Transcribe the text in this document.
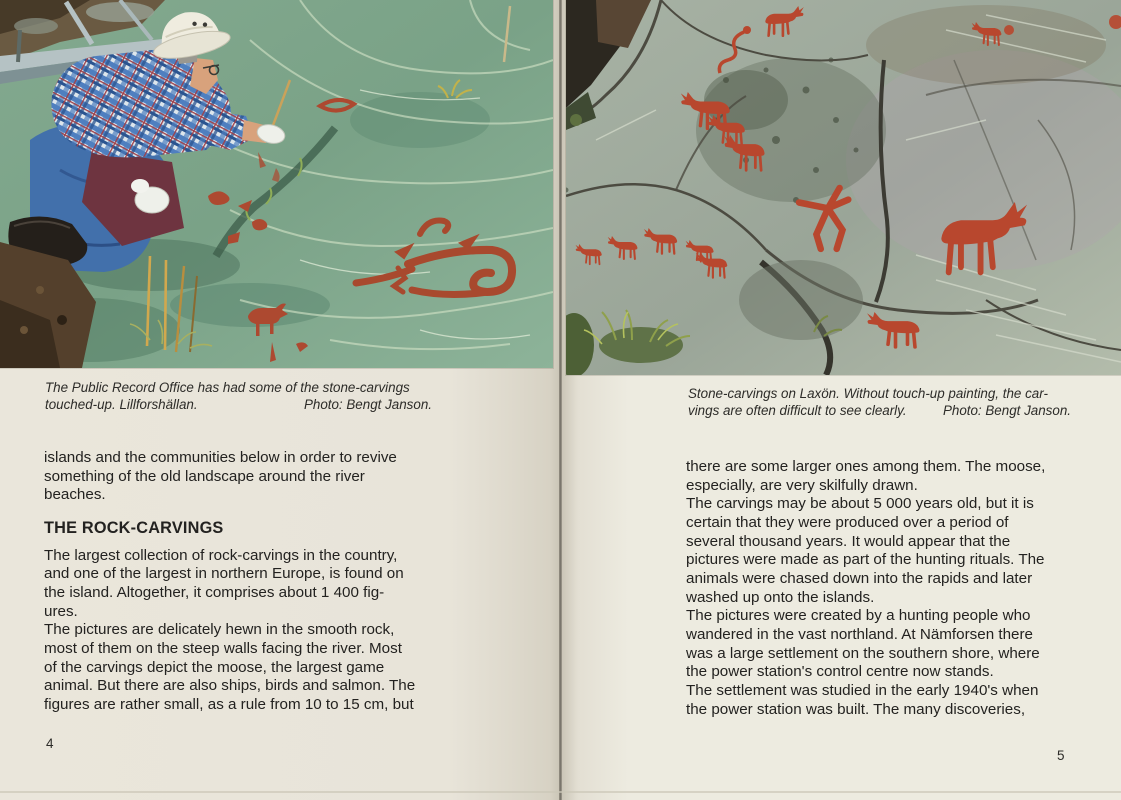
The Public Record Office has had some of the stone-carvings
touched-up. Lillforshällan.	Photo: Bengt Janson.
Stone-carvings on Laxön. Without touch-up painting, the car-
vings are often difficult to see clearly.	Photo: Bengt Janson.
islands and the communities below in order to revive
something of the old landscape around the river
beaches.
THE ROCK-CARVINGS
The largest collection of rock-carvings in the country,
and one of the largest in northern Europe, is found on
the island. Altogether, it comprises about 1 400 fig-
ures.
The pictures are delicately hewn in the smooth rock,
most of them on the steep walls facing the river. Most
of the carvings depict the moose, the largest game
animal. But there are also ships, birds and salmon. The
figures are rather small, as a rule from 10 to 15 cm, but
there are some larger ones among them. The moose,
especially, are very skilfully drawn.
The carvings may be about 5 000 years old, but it is
certain that they were produced over a period of
several thousand years. It would appear that the
pictures were made as part of the hunting rituals. The
animals were chased down into the rapids and later
washed up onto the islands.
The pictures were created by a hunting people who
wandered in the vast northland. At Nämforsen there
was a large settlement on the southern shore, where
the power station's control centre now stands.
The settlement was studied in the early 1940's when
the power station was built. The many discoveries,
4
5
